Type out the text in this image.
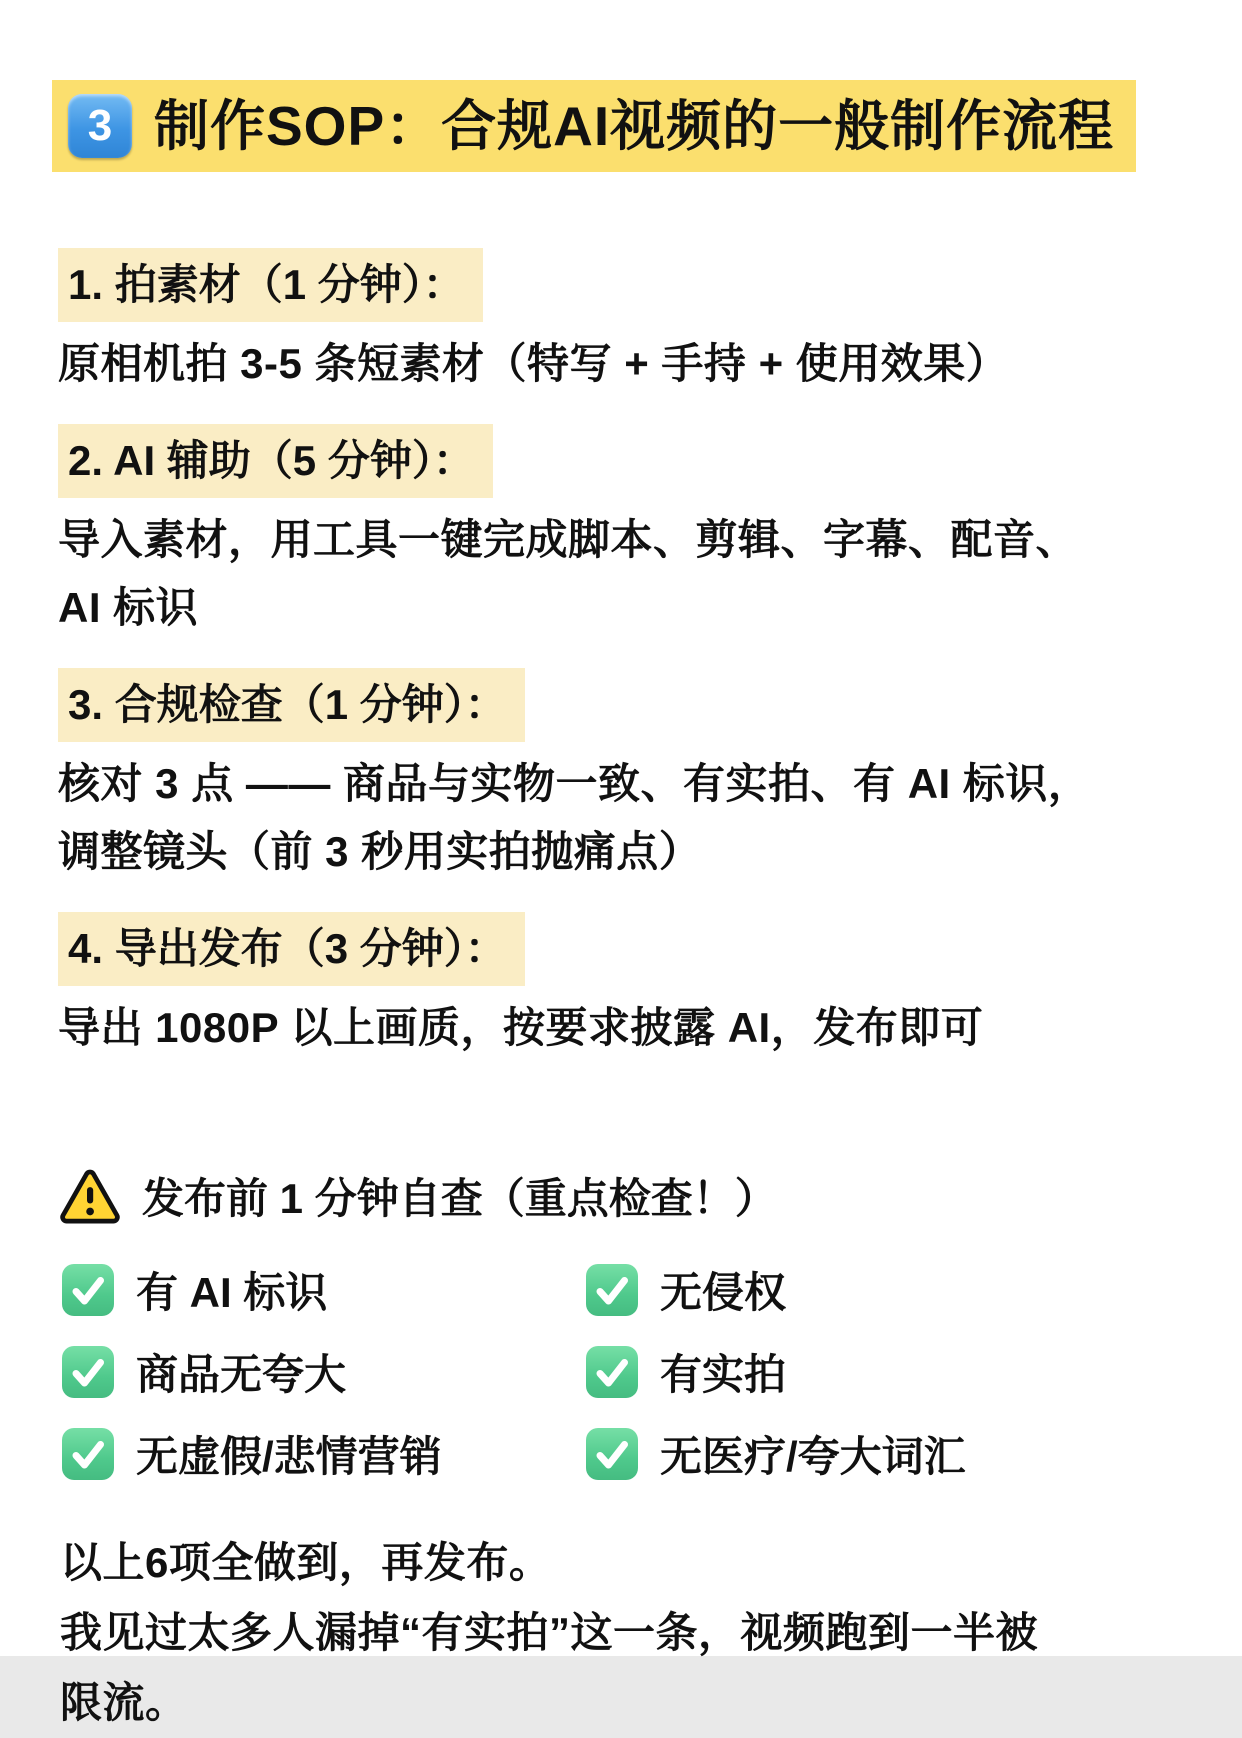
3 制作SOP：合规AI视频的一般制作流程
1. 拍素材（1 分钟）：

原相机拍 3-5 条短素材（特写 + 手持 + 使用效果）

2. AI 辅助（5 分钟）：

导入素材，用工具一键完成脚本、剪辑、字幕、配音、

AI 标识

3. 合规检查（1 分钟）：

核对 3 点 —— 商品与实物一致、有实拍、有 AI 标识，

调整镜头（前 3 秒用实拍抛痛点）

4. 导出发布（3 分钟）：

导出 1080P 以上画质，按要求披露 AI，发布即可

发布前 1 分钟自查（重点检查！）
有 AI 标识	无侵权
商品无夸大	有实拍
无虚假/悲情营销	无医疗/夸大词汇

以上6项全做到，再发布。

我见过太多人漏掉“有实拍”这一条，视频跑到一半被

限流。
